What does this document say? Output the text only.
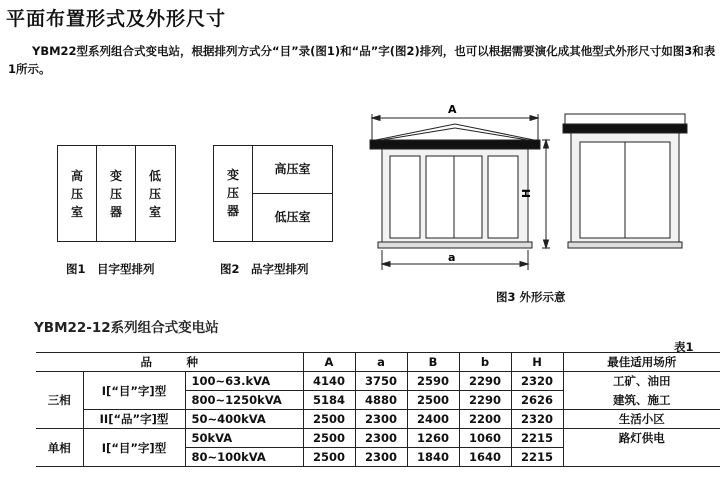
平面布置形式及外形尺寸
YBM22型系列组合式变电站，根据排列方式分“目”录(图1)和“品”字(图2)排列，也可以根据需要演化成其他型式外形尺寸如图3和表1所示。
高
压
室
变
压
器
低
压
室
图1　目字型排列
变
压
器
高压室
低压室
图2　品字型排列
A
a
H
图3 外形示意
YBM22-12系列组合式变电站
表1
品　　　种			A	a	B	b	H	最佳适用场所
三相	I[“目”字]型	100~63.kVA	4140	3750	2590	2290	2320	工矿、油田
		800~1250kVA	5184	4880	2500	2290	2626	建筑、施工
	II[“品”字]型	50~400kVA	2500	2300	2400	2200	2320	生活小区
单相	I[“目”字]型	50kVA	2500	2300	1260	1060	2215	路灯供电
		80~100kVA	2500	2300	1840	1640	2215	
